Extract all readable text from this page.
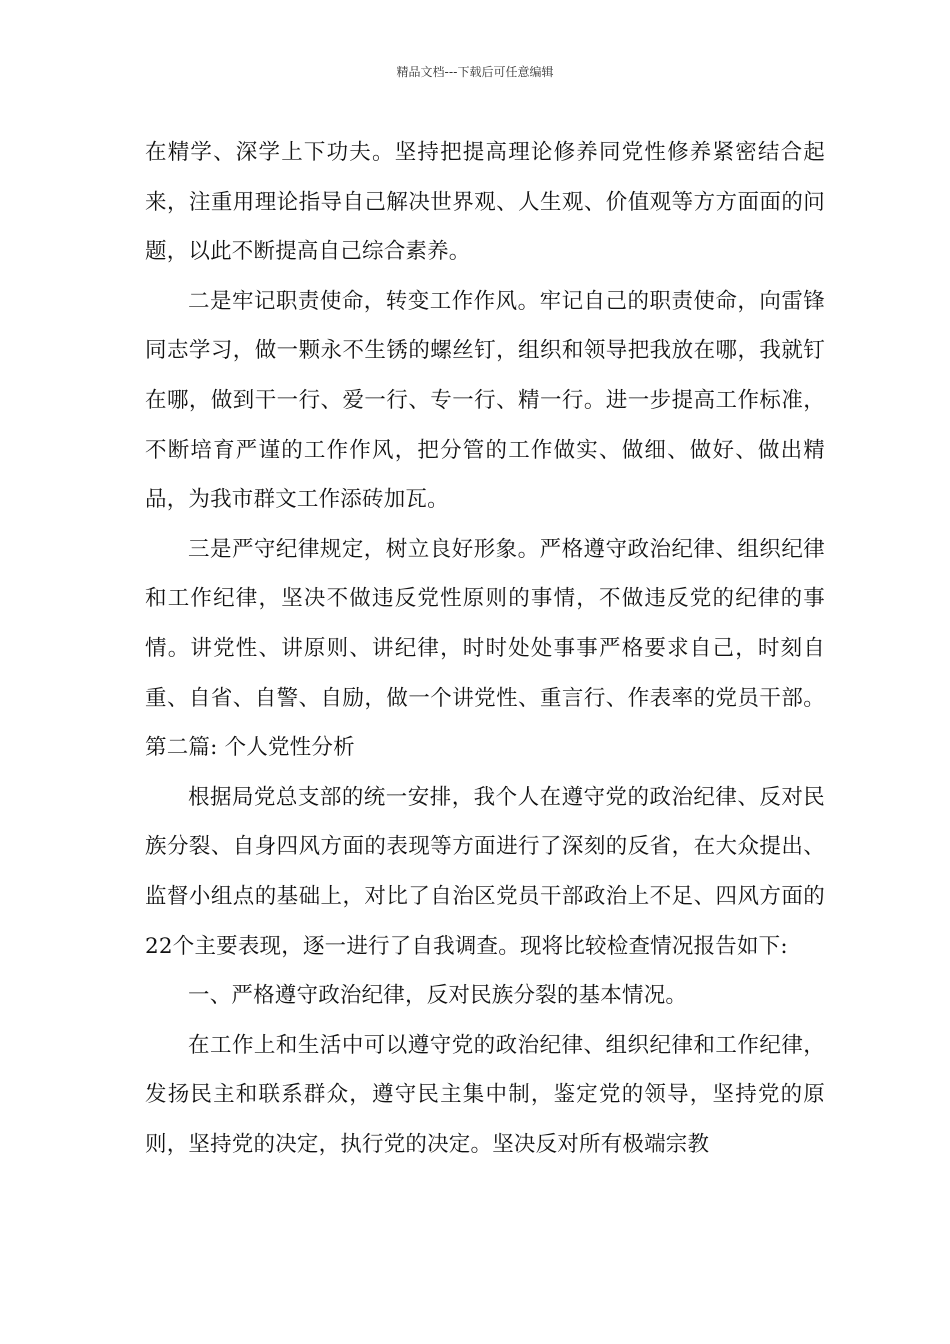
精品文档---下载后可任意编辑

在精学、深学上下功夫。坚持把提高理论修养同党性修养紧密结合起来，注重用理论指导自己解决世界观、人生观、价值观等方方面面的问题，以此不断提高自己综合素养。

二是牢记职责使命，转变工作作风。牢记自己的职责使命，向雷锋同志学习，做一颗永不生锈的螺丝钉，组织和领导把我放在哪，我就钉在哪，做到干一行、爱一行、专一行、精一行。进一步提高工作标准，不断培育严谨的工作作风，把分管的工作做实、做细、做好、做出精品，为我市群文工作添砖加瓦。

三是严守纪律规定，树立良好形象。严格遵守政治纪律、组织纪律和工作纪律，坚决不做违反党性原则的事情，不做违反党的纪律的事情。讲党性、讲原则、讲纪律，时时处处事事严格要求自己，时刻自重、自省、自警、自励，做一个讲党性、重言行、作表率的党员干部。第二篇: 个人党性分析

根据局党总支部的统一安排，我个人在遵守党的政治纪律、反对民族分裂、自身四风方面的表现等方面进行了深刻的反省，在大众提出、监督小组点的基础上，对比了自治区党员干部政治上不足、四风方面的22个主要表现，逐一进行了自我调查。现将比较检查情况报告如下:

一、严格遵守政治纪律，反对民族分裂的基本情况。

在工作上和生活中可以遵守党的政治纪律、组织纪律和工作纪律，发扬民主和联系群众，遵守民主集中制，鉴定党的领导，坚持党的原则，坚持党的决定，执行党的决定。坚决反对所有极端宗教
